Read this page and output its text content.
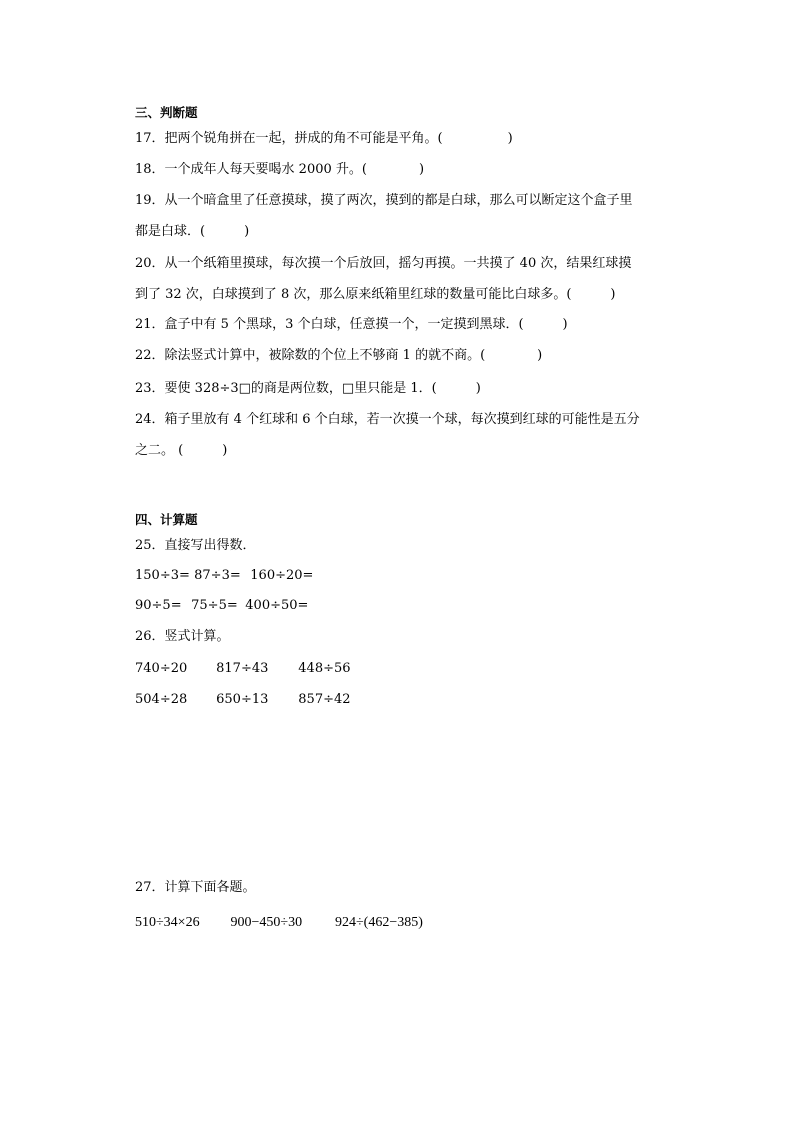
三、判断题
17．把两个锐角拼在一起，拼成的角不可能是平角。(　　　　　)
18．一个成年人每天要喝水 2000 升。(　　　　)
19．从一个暗盒里了任意摸球，摸了两次，摸到的都是白球，那么可以断定这个盒子里
都是白球．(　　　)
20．从一个纸箱里摸球，每次摸一个后放回，摇匀再摸。一共摸了 40 次，结果红球摸
到了 32 次，白球摸到了 8 次，那么原来纸箱里红球的数量可能比白球多。(　　　)
21．盒子中有 5 个黑球，3 个白球，任意摸一个，一定摸到黑球．(　　　)
22．除法竖式计算中，被除数的个位上不够商 1 的就不商。(　　　　)
23．要使 328÷3□的商是两位数，□里只能是 1．(　　　)
24．箱子里放有 4 个红球和 6 个白球，若一次摸一个球，每次摸到红球的可能性是五分
之二。 (　　　)
四、计算题
25．直接写出得数．
150÷3= 87÷3= 160÷20=
90÷5= 75÷5= 400÷50=
26．竖式计算。
740÷20 817÷43 448÷56
504÷28 650÷13 857÷42
27．计算下面各题。
510÷34×26 900−450÷30 924÷(462−385)
